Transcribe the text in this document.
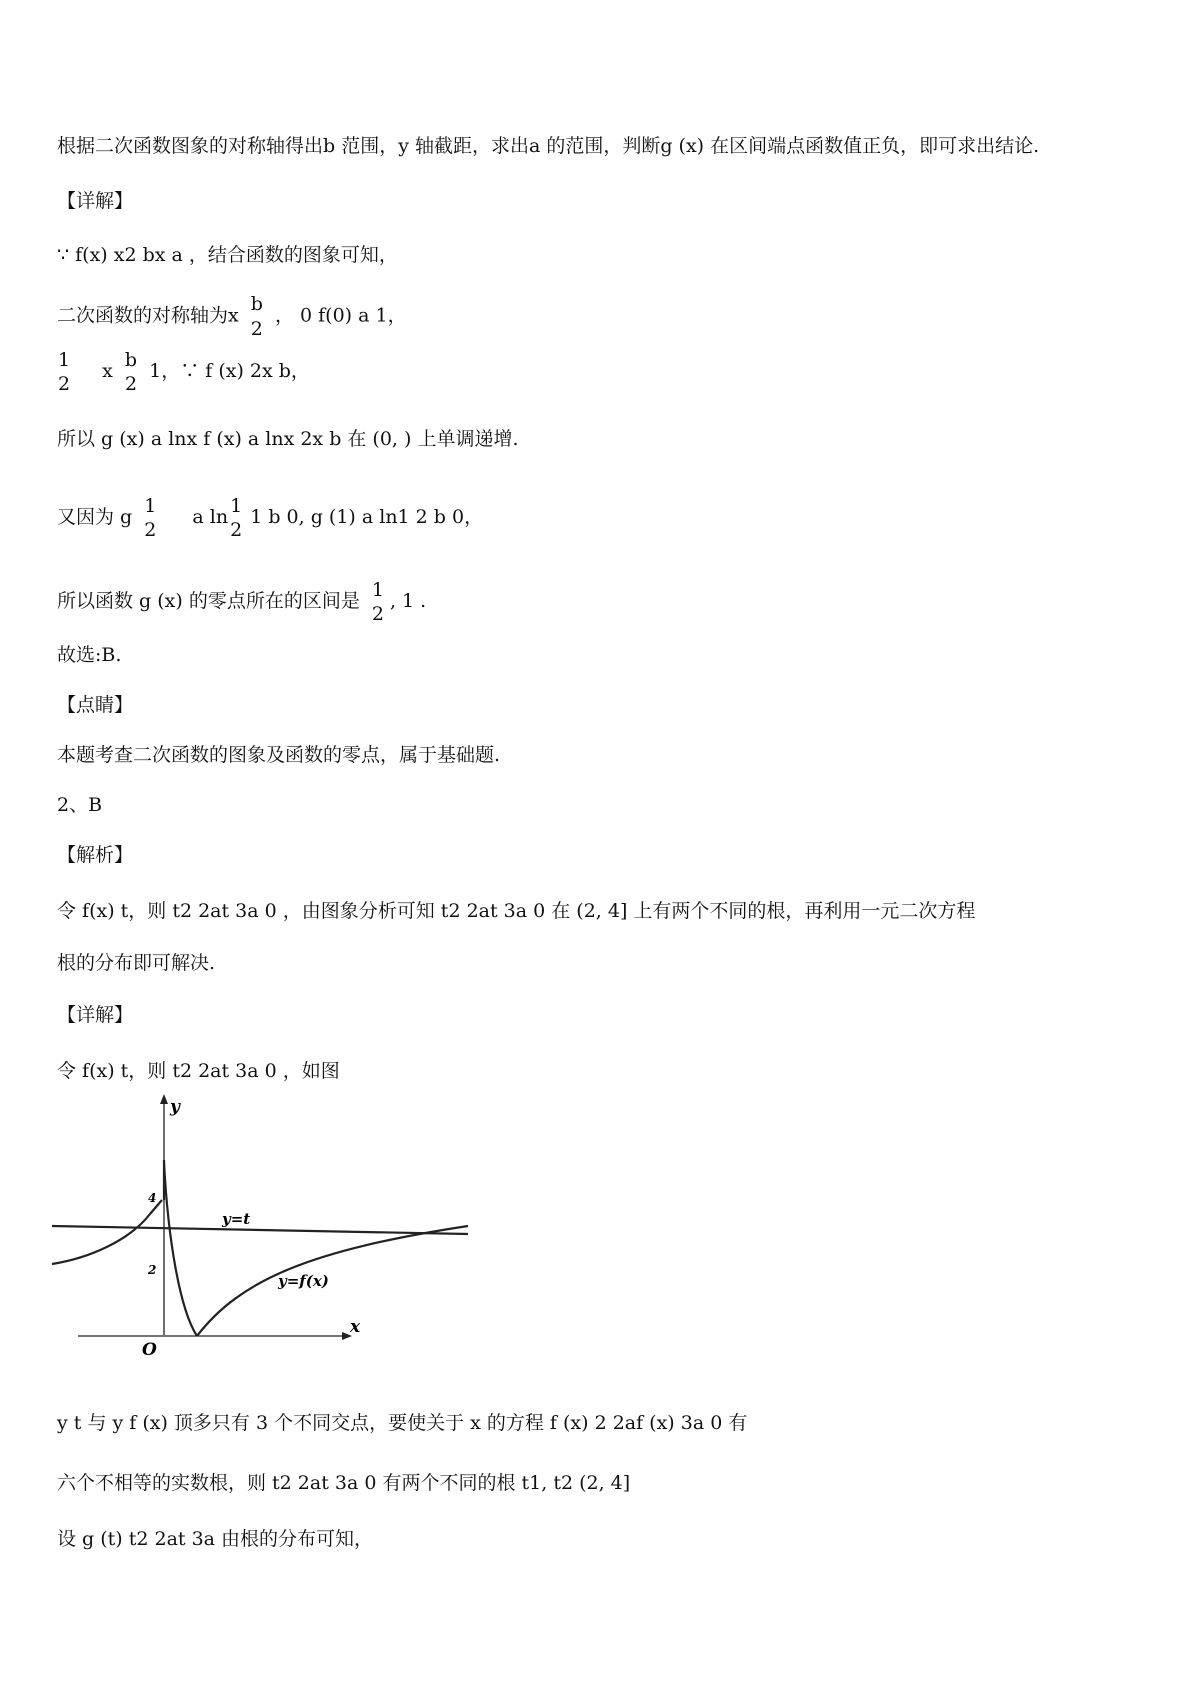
根据二次函数图象的对称轴得出b 范围，y 轴截距，求出a 的范围，判断g (x) 在区间端点函数值正负，即可求出结论.
【详解】
∵ f(x) x2 bx a ，结合函数的图象可知，
二次函数的对称轴为x
b
2
， 0 f(0) a 1，
1
2
x b
2
1，∵ f (x) 2x b，
所以 g (x) a lnx f (x) a lnx 2x b 在 (0, ) 上单调递增.
又因为 g 1
2
a ln 1
2
1 b 0, g (1) a ln1 2 b 0，
所以函数 g (x) 的零点所在的区间是 1
2
, 1 .
故选:B.
【点睛】
本题考查二次函数的图象及函数的零点，属于基础题.
2、B
【解析】
令 f(x) t，则 t2 2at 3a 0 ，由图象分析可知 t2 2at 3a 0 在 (2, 4] 上有两个不同的根，再利用一元二次方程
根的分布即可解决.
【详解】
令 f(x) t，则 t2 2at 3a 0 ，如图
y
x
O
4
2
y=t
y=f(x)
y t 与 y f (x) 顶多只有 3 个不同交点，要使关于 x 的方程 f (x) 2 2af (x) 3a 0 有
六个不相等的实数根，则 t2 2at 3a 0 有两个不同的根 t1, t2 (2, 4]
设 g (t) t2 2at 3a 由根的分布可知，
